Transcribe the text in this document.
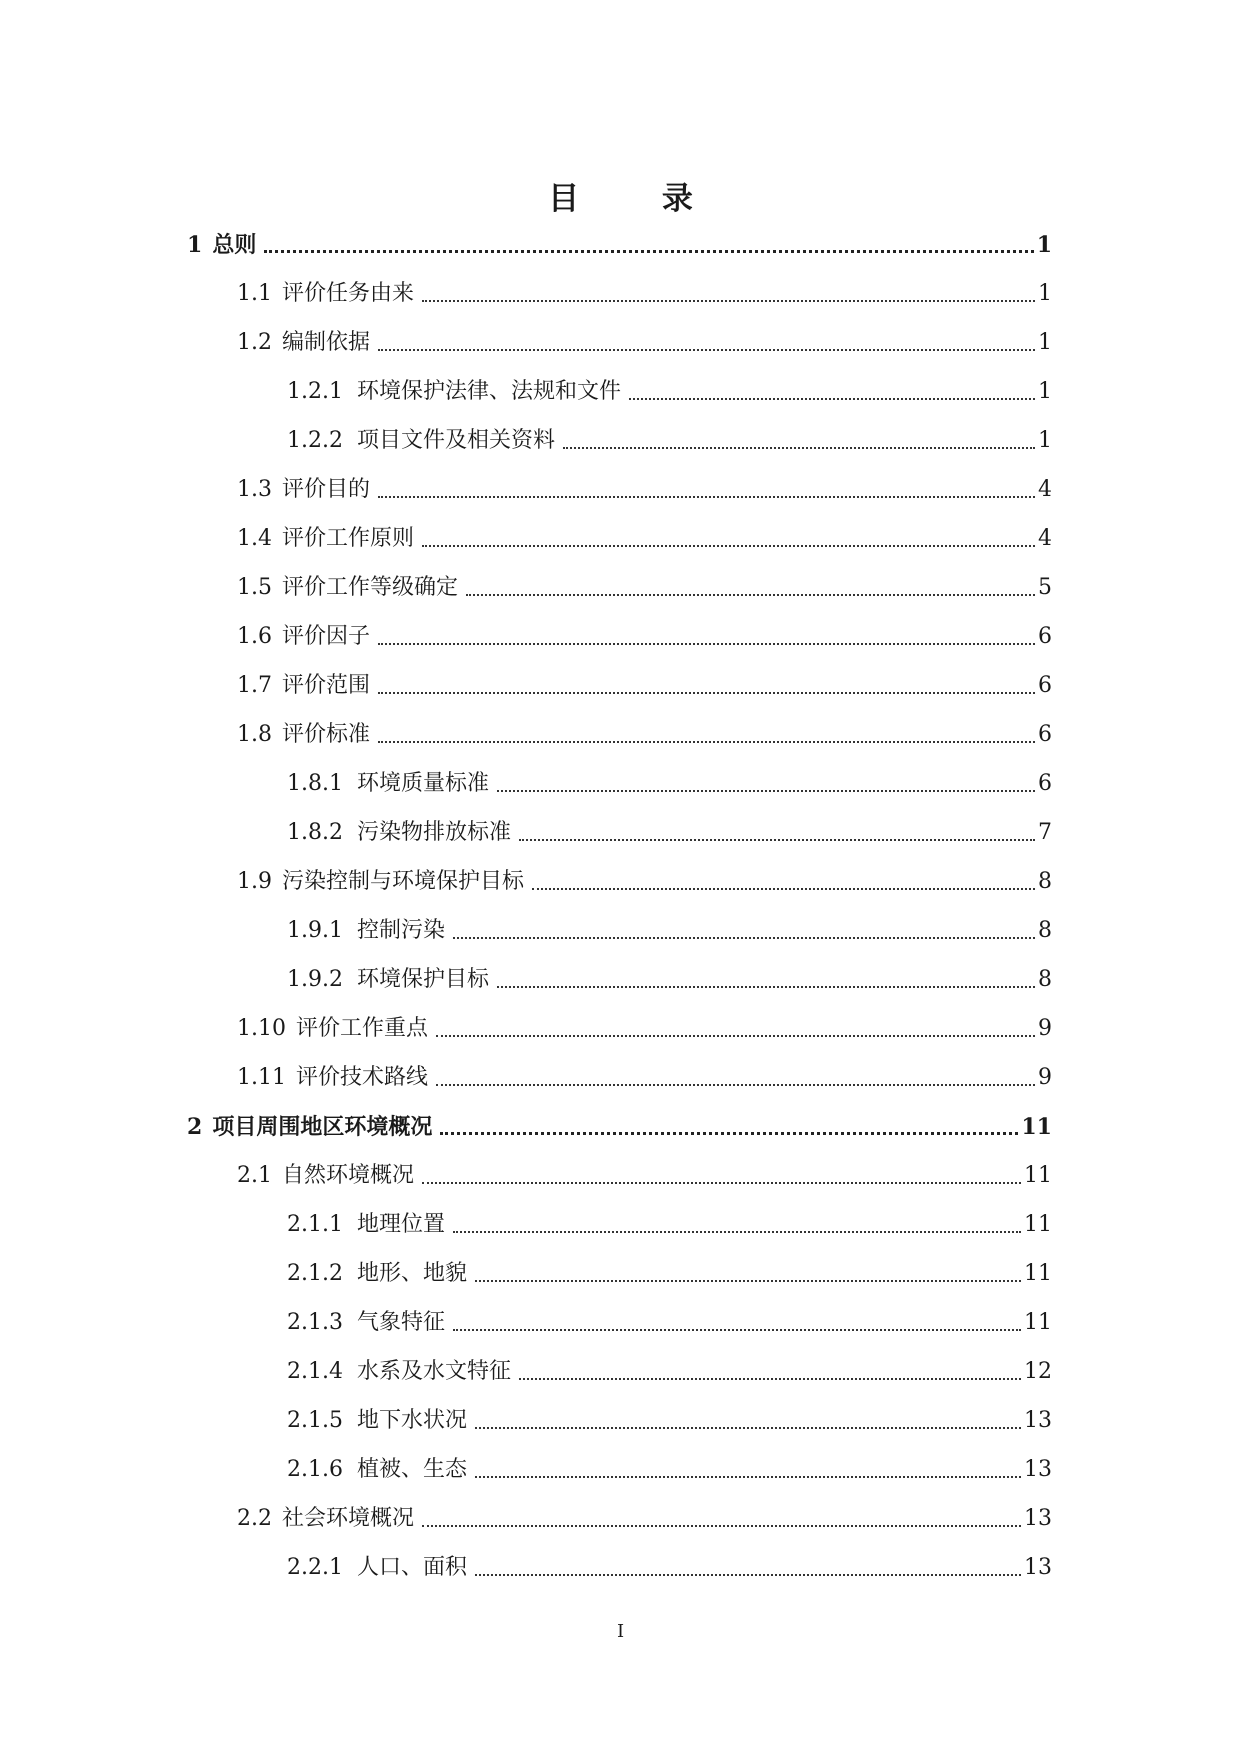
目 录
1 总则	1
1.1 评价任务由来	1
1.2 编制依据	1
1.2.1 环境保护法律、法规和文件	1
1.2.2 项目文件及相关资料	1
1.3 评价目的	4
1.4 评价工作原则	4
1.5 评价工作等级确定	5
1.6 评价因子	6
1.7 评价范围	6
1.8 评价标准	6
1.8.1 环境质量标准	6
1.8.2 污染物排放标准	7
1.9 污染控制与环境保护目标	8
1.9.1 控制污染	8
1.9.2 环境保护目标	8
1.10 评价工作重点	9
1.11 评价技术路线	9
2 项目周围地区环境概况	11
2.1 自然环境概况	11
2.1.1 地理位置	11
2.1.2 地形、地貌	11
2.1.3 气象特征	11
2.1.4 水系及水文特征	12
2.1.5 地下水状况	13
2.1.6 植被、生态	13
2.2 社会环境概况	13
2.2.1 人口、面积	13
I
